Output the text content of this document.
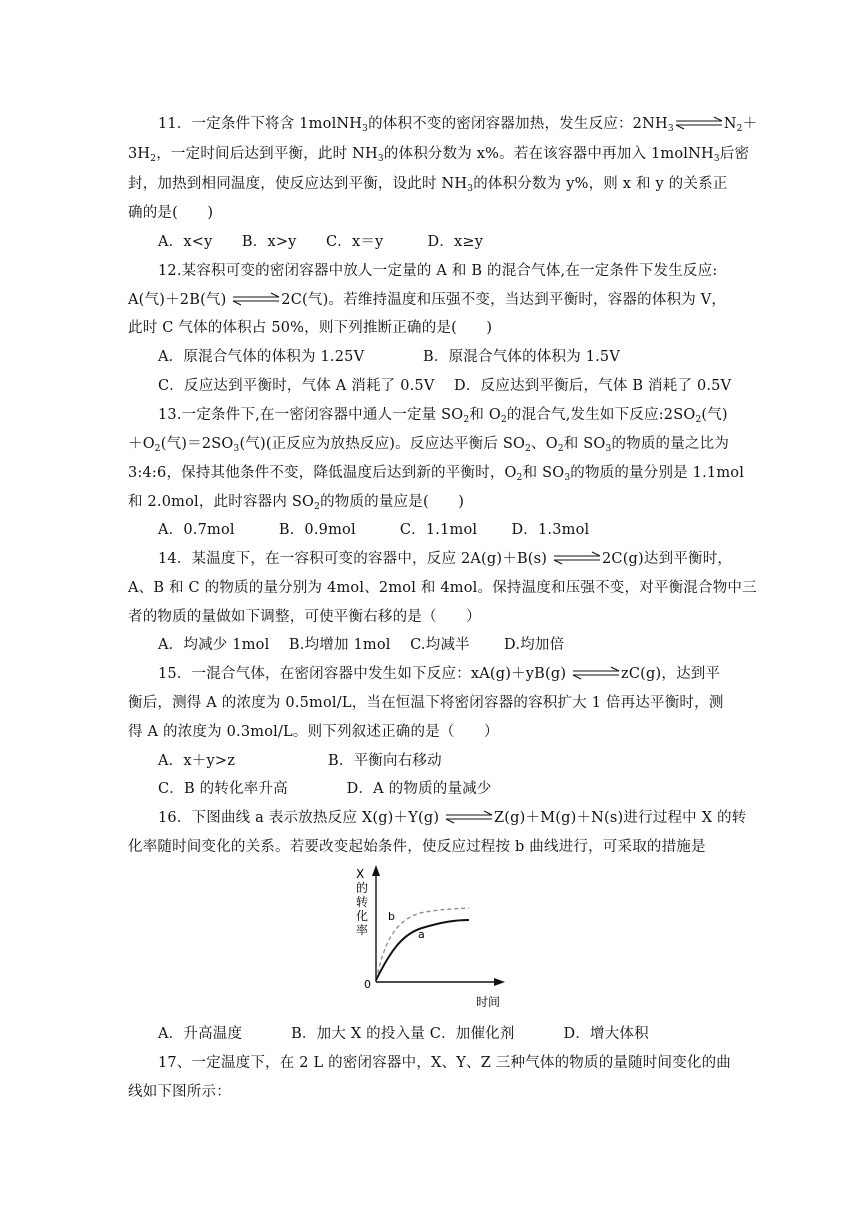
11．一定条件下将含 1molNH$_3$的体积不变的密闭容器加热，发生反应：$2NH_3$	$N_2+$
$3H_2$，一定时间后达到平衡，此时 $NH_3$的体积分数为 x%。若在该容器中再加入 1molNH$_3$后密
封，加热到相同温度，使反应达到平衡，设此时 $NH_3$的体积分数为 y%，则 x 和 y 的关系正
确的是(　　)
A．x<y　　B．x>y　　C．x＝y　　　D．x≥y
12.某容积可变的密闭容器中放人一定量的 A 和 B 的混合气体,在一定条件下发生反应:
A(气)＋2B(气)	2C(气)。若维持温度和压强不变，当达到平衡时，容器的体积为 V，
此时 C 气体的体积占 50%，则下列推断正确的是(　　)
A．原混合气体的体积为 1.25V　　　　B．原混合气体的体积为 1.5V
C．反应达到平衡时，气体 A 消耗了 0.5V　 D．反应达到平衡后，气体 B 消耗了 0.5V
13.一定条件下,在一密闭容器中通人一定量 $SO_2$和 $O_2$的混合气,发生如下反应$:2SO_2$(气)
$+O_2$(气)$=2SO_3$(气)(正反应为放热反应)。反应达平衡后 $SO_2$、$O_2$和 $SO_3$的物质的量之比为
3:4:6，保持其他条件不变，降低温度后达到新的平衡时，$O_2$和 $SO_3$的物质的量分别是 1.1mol
和 2.0mol，此时容器内 $SO_2$的物质的量应是(　　)
A．0.7mol　　　B．0.9mol　　　C．1.1mol　　 D．1.3mol
14．某温度下，在一容积可变的容器中，反应 2A(g)＋B(s)	2C(g)达到平衡时，
A、B 和 C 的物质的量分别为 4mol、2mol 和 4mol。保持温度和压强不变，对平衡混合物中三
者的物质的量做如下调整，可使平衡右移的是（　　）
A．均减少 1mol　 B.均增加 1mol　 C.均减半　　 D.均加倍
15．一混合气体，在密闭容器中发生如下反应：xA(g)＋yB(g)	zC(g)，达到平
衡后，测得 A 的浓度为 0.5mol/L，当在恒温下将密闭容器的容积扩大 1 倍再达平衡时，测
得 A 的浓度为 0.3mol/L。则下列叙述正确的是（　　）
A．x＋y>z　　　　　　 B．平衡向右移动
C．B 的转化率升高　　　　D．A 的物质的量减少
16．下图曲线 a 表示放热反应 X(g)＋Y(g)	Z(g)＋M(g)＋N(s)进行过程中 X 的转
化率随时间变化的关系。若要改变起始条件，使反应过程按 b 曲线进行，可采取的措施是
X
的
转
化
率
0
时间
a
b
A．升高温度　　　 B．加大 X 的投入量 C．加催化剂　　　 D．增大体积
17、一定温度下，在 2 L 的密闭容器中，X、Y、Z 三种气体的物质的量随时间变化的曲
线如下图所示：
